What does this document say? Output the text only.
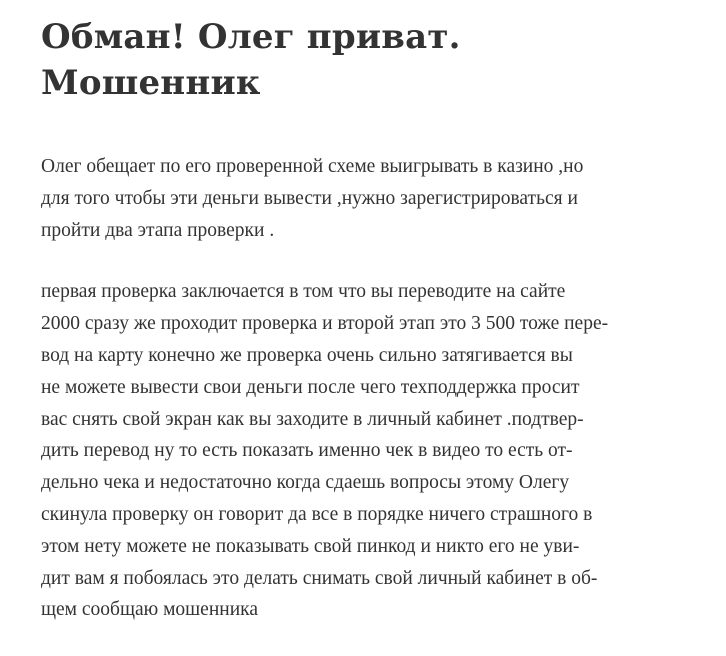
Обман! Олег приват.
Мошенник

Олег обещает по его проверенной схеме выигрывать в казино ,но
для того чтобы эти деньги вывести ,нужно зарегистрироваться и
пройти два этапа проверки .

первая проверка заключается в том что вы переводите на сайте
2000 сразу же проходит проверка и второй этап это 3 500 тоже пере-
вод на карту конечно же проверка очень сильно затягивается вы
не можете вывести свои деньги после чего техподдержка просит
вас снять свой экран как вы заходите в личный кабинет .подтвер-
дить перевод ну то есть показать именно чек в видео то есть от-
дельно чека и недостаточно когда сдаешь вопросы этому Олегу
скинула проверку он говорит да все в порядке ничего страшного в
этом нету можете не показывать свой пинкод и никто его не уви-
дит вам я побоялась это делать снимать свой личный кабинет в об-
щем сообщаю мошенника
